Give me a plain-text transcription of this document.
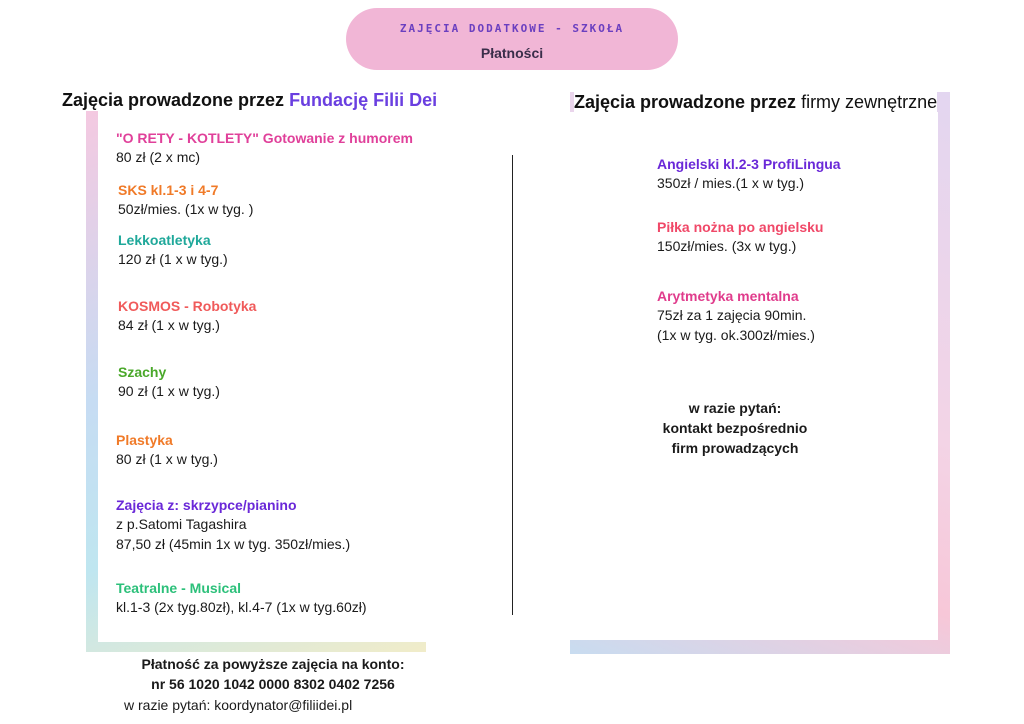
ZAJĘCIA DODATKOWE - SZKOŁA
Płatności
Zajęcia prowadzone przez Fundację Filii Dei	Zajęcia prowadzone przez firmy zewnętrzne
"O RETY - KOTLETY" Gotowanie z humorem
80 zł (2 x mc)
SKS kl.1-3 i 4-7
50zł/mies. (1x w tyg. )
Lekkoatletyka
120 zł (1 x w tyg.)
KOSMOS - Robotyka
84 zł (1 x w tyg.)
Szachy
90 zł (1 x w tyg.)
Plastyka
80 zł (1 x w tyg.)
Zajęcia z: skrzypce/pianino
z p.Satomi Tagashira
87,50 zł (45min 1x w tyg. 350zł/mies.)
Teatralne - Musical
kl.1-3 (2x tyg.80zł), kl.4-7 (1x w tyg.60zł)
Angielski kl.2-3 ProfiLingua
350zł / mies.(1 x w tyg.)
Piłka nożna po angielsku
150zł/mies. (3x w tyg.)
Arytmetyka mentalna
75zł za 1 zajęcia 90min.
(1x w tyg. ok.300zł/mies.)
w razie pytań:
kontakt bezpośrednio
firm prowadzących
Płatność za powyższe zajęcia na konto:
nr 56 1020 1042 0000 8302 0402 7256
w razie pytań: koordynator@filiidei.pl
